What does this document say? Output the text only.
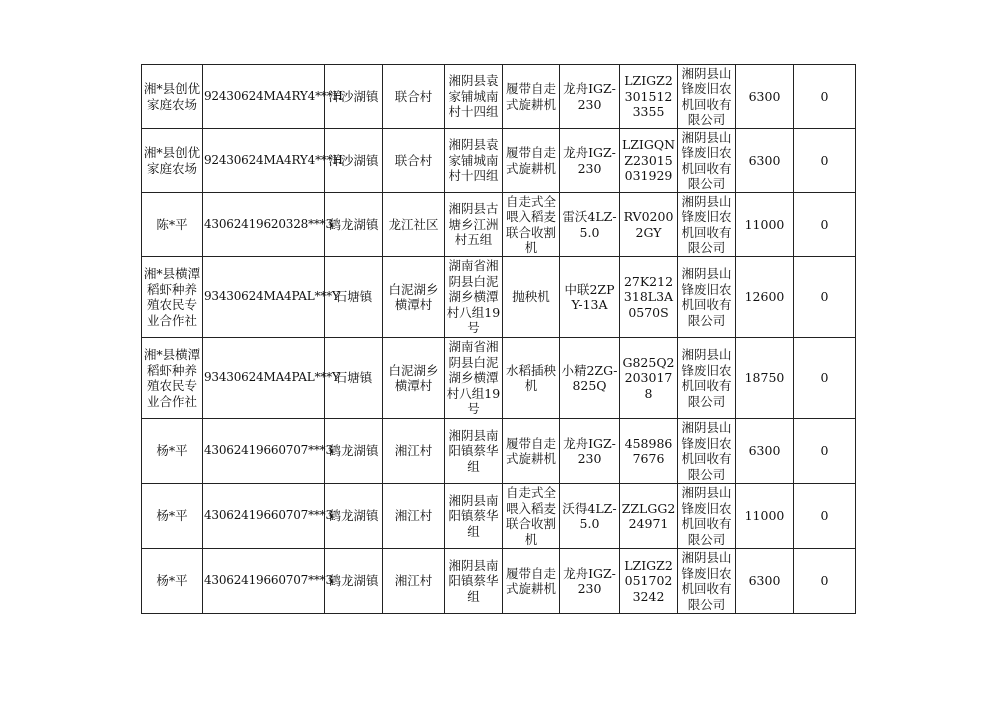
湘*县创优家庭农场	92430624MA4RY4***H	洋沙湖镇	联合村	湘阴县袁家铺城南村十四组	履带自走式旋耕机	龙舟IGZ-230	LZIGZ23015123355	湘阴县山锋废旧农机回收有限公司	6300	0
湘*县创优家庭农场	92430624MA4RY4***H	洋沙湖镇	联合村	湘阴县袁家铺城南村十四组	履带自走式旋耕机	龙舟IGZ-230	LZIGQNZ23015031929	湘阴县山锋废旧农机回收有限公司	6300	0
陈*平	43062419620328***3	鹤龙湖镇	龙江社区	湘阴县古塘乡江洲村五组	自走式全喂入稻麦联合收割机	雷沃4LZ-5.0	RV02002GY	湘阴县山锋废旧农机回收有限公司	11000	0
湘*县横潭稻虾种养殖农民专业合作社	93430624MA4PAL***Y	石塘镇	白泥湖乡横潭村	湖南省湘阴县白泥湖乡横潭村八组19号	抛秧机	中联2ZPY-13A	27K212318L3A0570S	湘阴县山锋废旧农机回收有限公司	12600	0
湘*县横潭稻虾种养殖农民专业合作社	93430624MA4PAL***Y	石塘镇	白泥湖乡横潭村	湖南省湘阴县白泥湖乡横潭村八组19号	水稻插秧机	小精2ZG-825Q	G825Q22030178	湘阴县山锋废旧农机回收有限公司	18750	0
杨*平	43062419660707***3	鹤龙湖镇	湘江村	湘阴县南阳镇蔡华组	履带自走式旋耕机	龙舟IGZ-230	4589867676	湘阴县山锋废旧农机回收有限公司	6300	0
杨*平	43062419660707***3	鹤龙湖镇	湘江村	湘阴县南阳镇蔡华组	自走式全喂入稻麦联合收割机	沃得4LZ-5.0	ZZLGG224971	湘阴县山锋废旧农机回收有限公司	11000	0
杨*平	43062419660707***3	鹤龙湖镇	湘江村	湘阴县南阳镇蔡华组	履带自走式旋耕机	龙舟IGZ-230	LZIGZ20517023242	湘阴县山锋废旧农机回收有限公司	6300	0
